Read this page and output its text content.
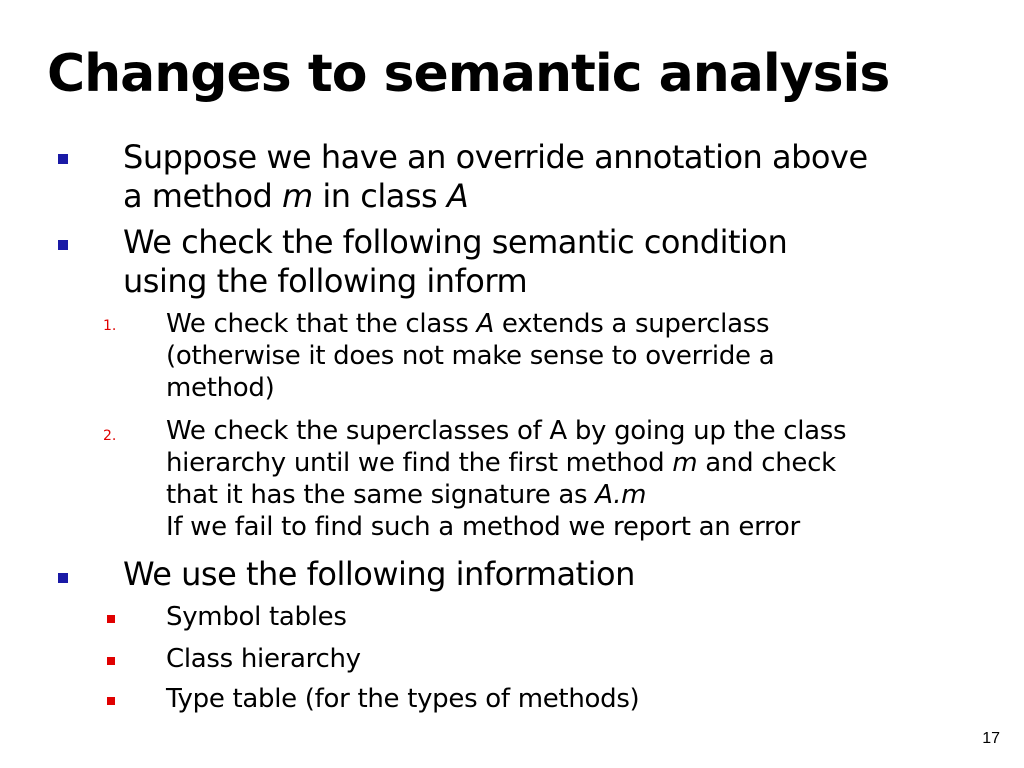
Changes to semantic analysis
Suppose we have an override annotation above
a method m in class A
We check the following semantic condition
using the following inform
1. We check that the class A extends a superclass
(otherwise it does not make sense to override a
method)
2. We check the superclasses of A by going up the class
hierarchy until we find the first method m and check
that it has the same signature as A.m
If we fail to find such a method we report an error
We use the following information
Symbol tables
Class hierarchy
Type table (for the types of methods)
17
